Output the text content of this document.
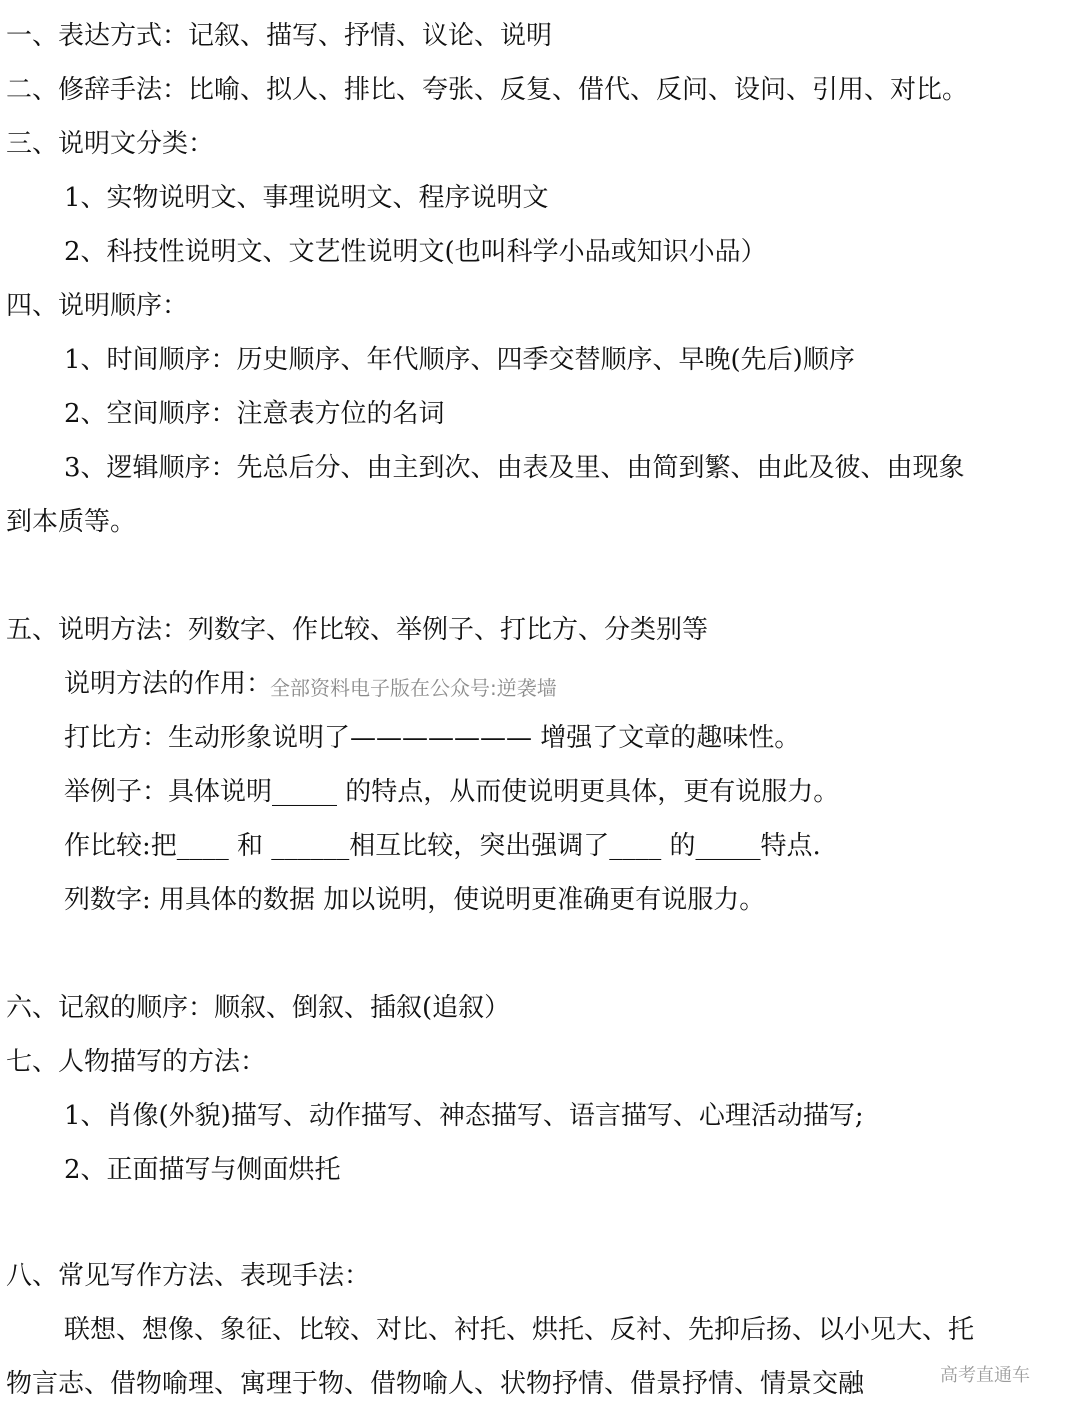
一、表达方式：记叙、描写、抒情、议论、说明
二、修辞手法：比喻、拟人、排比、夸张、反复、借代、反问、设问、引用、对比。
三、说明文分类：
1、实物说明文、事理说明文、程序说明文
2、科技性说明文、文艺性说明文(也叫科学小品或知识小品）
四、说明顺序：
1、时间顺序：历史顺序、年代顺序、四季交替顺序、早晚(先后)顺序
2、空间顺序：注意表方位的名词
3、逻辑顺序：先总后分、由主到次、由表及里、由简到繁、由此及彼、由现象
到本质等。
五、说明方法：列数字、作比较、举例子、打比方、分类别等
说明方法的作用：
打比方：生动形象说明了——————— 增强了文章的趣味性。
举例子：具体说明_____ 的特点，从而使说明更具体，更有说服力。
作比较:把____ 和 ______相互比较，突出强调了____ 的_____特点.
列数字: 用具体的数据 加以说明，使说明更准确更有说服力。
六、记叙的顺序：顺叙、倒叙、插叙(追叙）
七、人物描写的方法：
1、肖像(外貌)描写、动作描写、神态描写、语言描写、心理活动描写;
2、正面描写与侧面烘托
八、常见写作方法、表现手法：
联想、想像、象征、比较、对比、衬托、烘托、反衬、先抑后扬、以小见大、托
物言志、借物喻理、寓理于物、借物喻人、状物抒情、借景抒情、情景交融
全部资料电子版在公众号:逆袭墙
高考直通车
